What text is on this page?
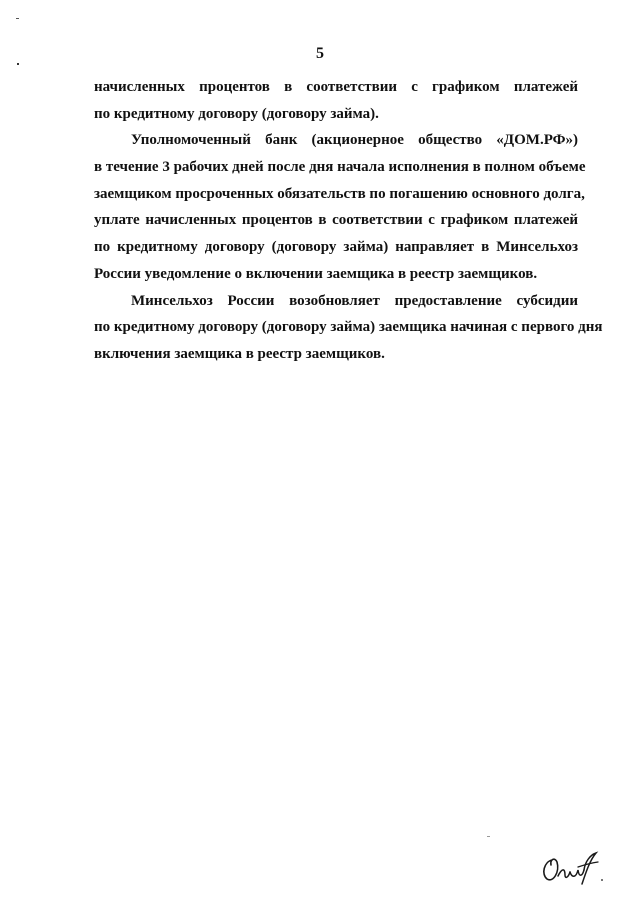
5
начисленных процентов в соответствии с графиком платежей
по кредитному договору (договору займа).
Уполномоченный банк (акционерное общество «ДОМ.РФ»)
в течение 3 рабочих дней после дня начала исполнения в полном объеме
заемщиком просроченных обязательств по погашению основного долга,
уплате начисленных процентов в соответствии с графиком платежей
по кредитному договору (договору займа) направляет в Минсельхоз
России уведомление о включении заемщика в реестр заемщиков.
Минсельхоз России возобновляет предоставление субсидии
по кредитному договору (договору займа) заемщика начиная с первого дня
включения заемщика в реестр заемщиков.
